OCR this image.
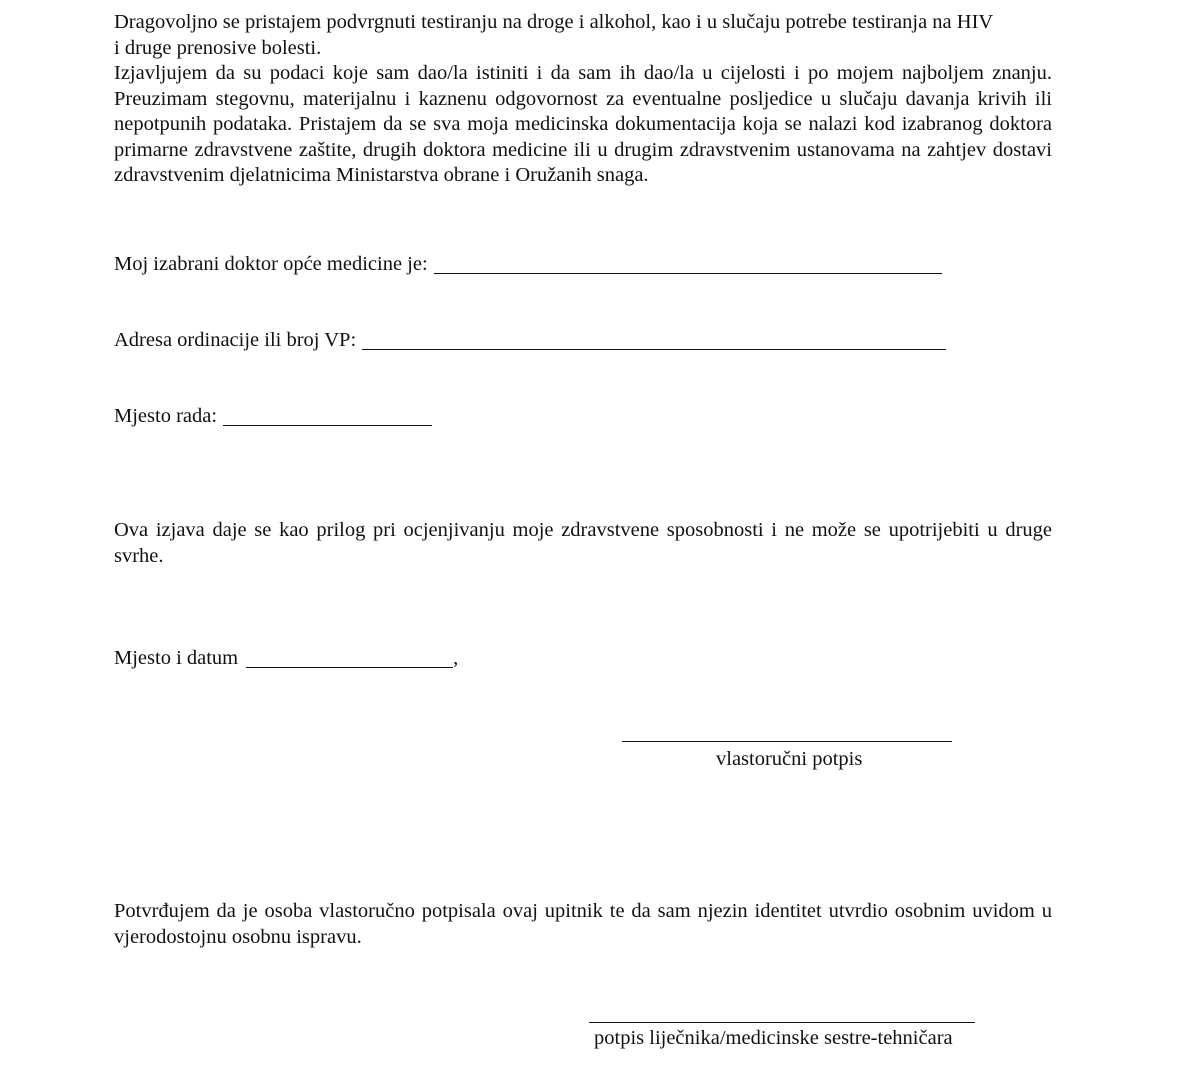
Dragovoljno se pristajem podvrgnuti testiranju na droge i alkohol, kao i u slučaju potrebe testiranja na HIV

i druge prenosive bolesti.

Izjavljujem da su podaci koje sam dao/la istiniti i da sam ih dao/la u cijelosti i po mojem najboljem znanju. Preuzimam stegovnu, materijalnu i kaznenu odgovornost za eventualne posljedice u slučaju davanja krivih ili nepotpunih podataka. Pristajem da se sva moja medicinska dokumentacija koja se nalazi kod izabranog doktora primarne zdravstvene zaštite, drugih doktora medicine ili u drugim zdravstvenim ustanovama na zahtjev dostavi zdravstvenim djelatnicima Ministarstva obrane i Oružanih snaga.

Moj izabrani doktor opće medicine je:
Adresa ordinacije ili broj VP:
Mjesto rada:

Ova izjava daje se kao prilog pri ocjenjivanju moje zdravstvene sposobnosti i ne može se upotrijebiti u druge svrhe.

Mjesto i datum	,
vlastoručni potpis

Potvrđujem da je osoba vlastoručno potpisala ovaj upitnik te da sam njezin identitet utvrdio osobnim uvidom u vjerodostojnu osobnu ispravu.

potpis liječnika/medicinske sestre-tehničara
